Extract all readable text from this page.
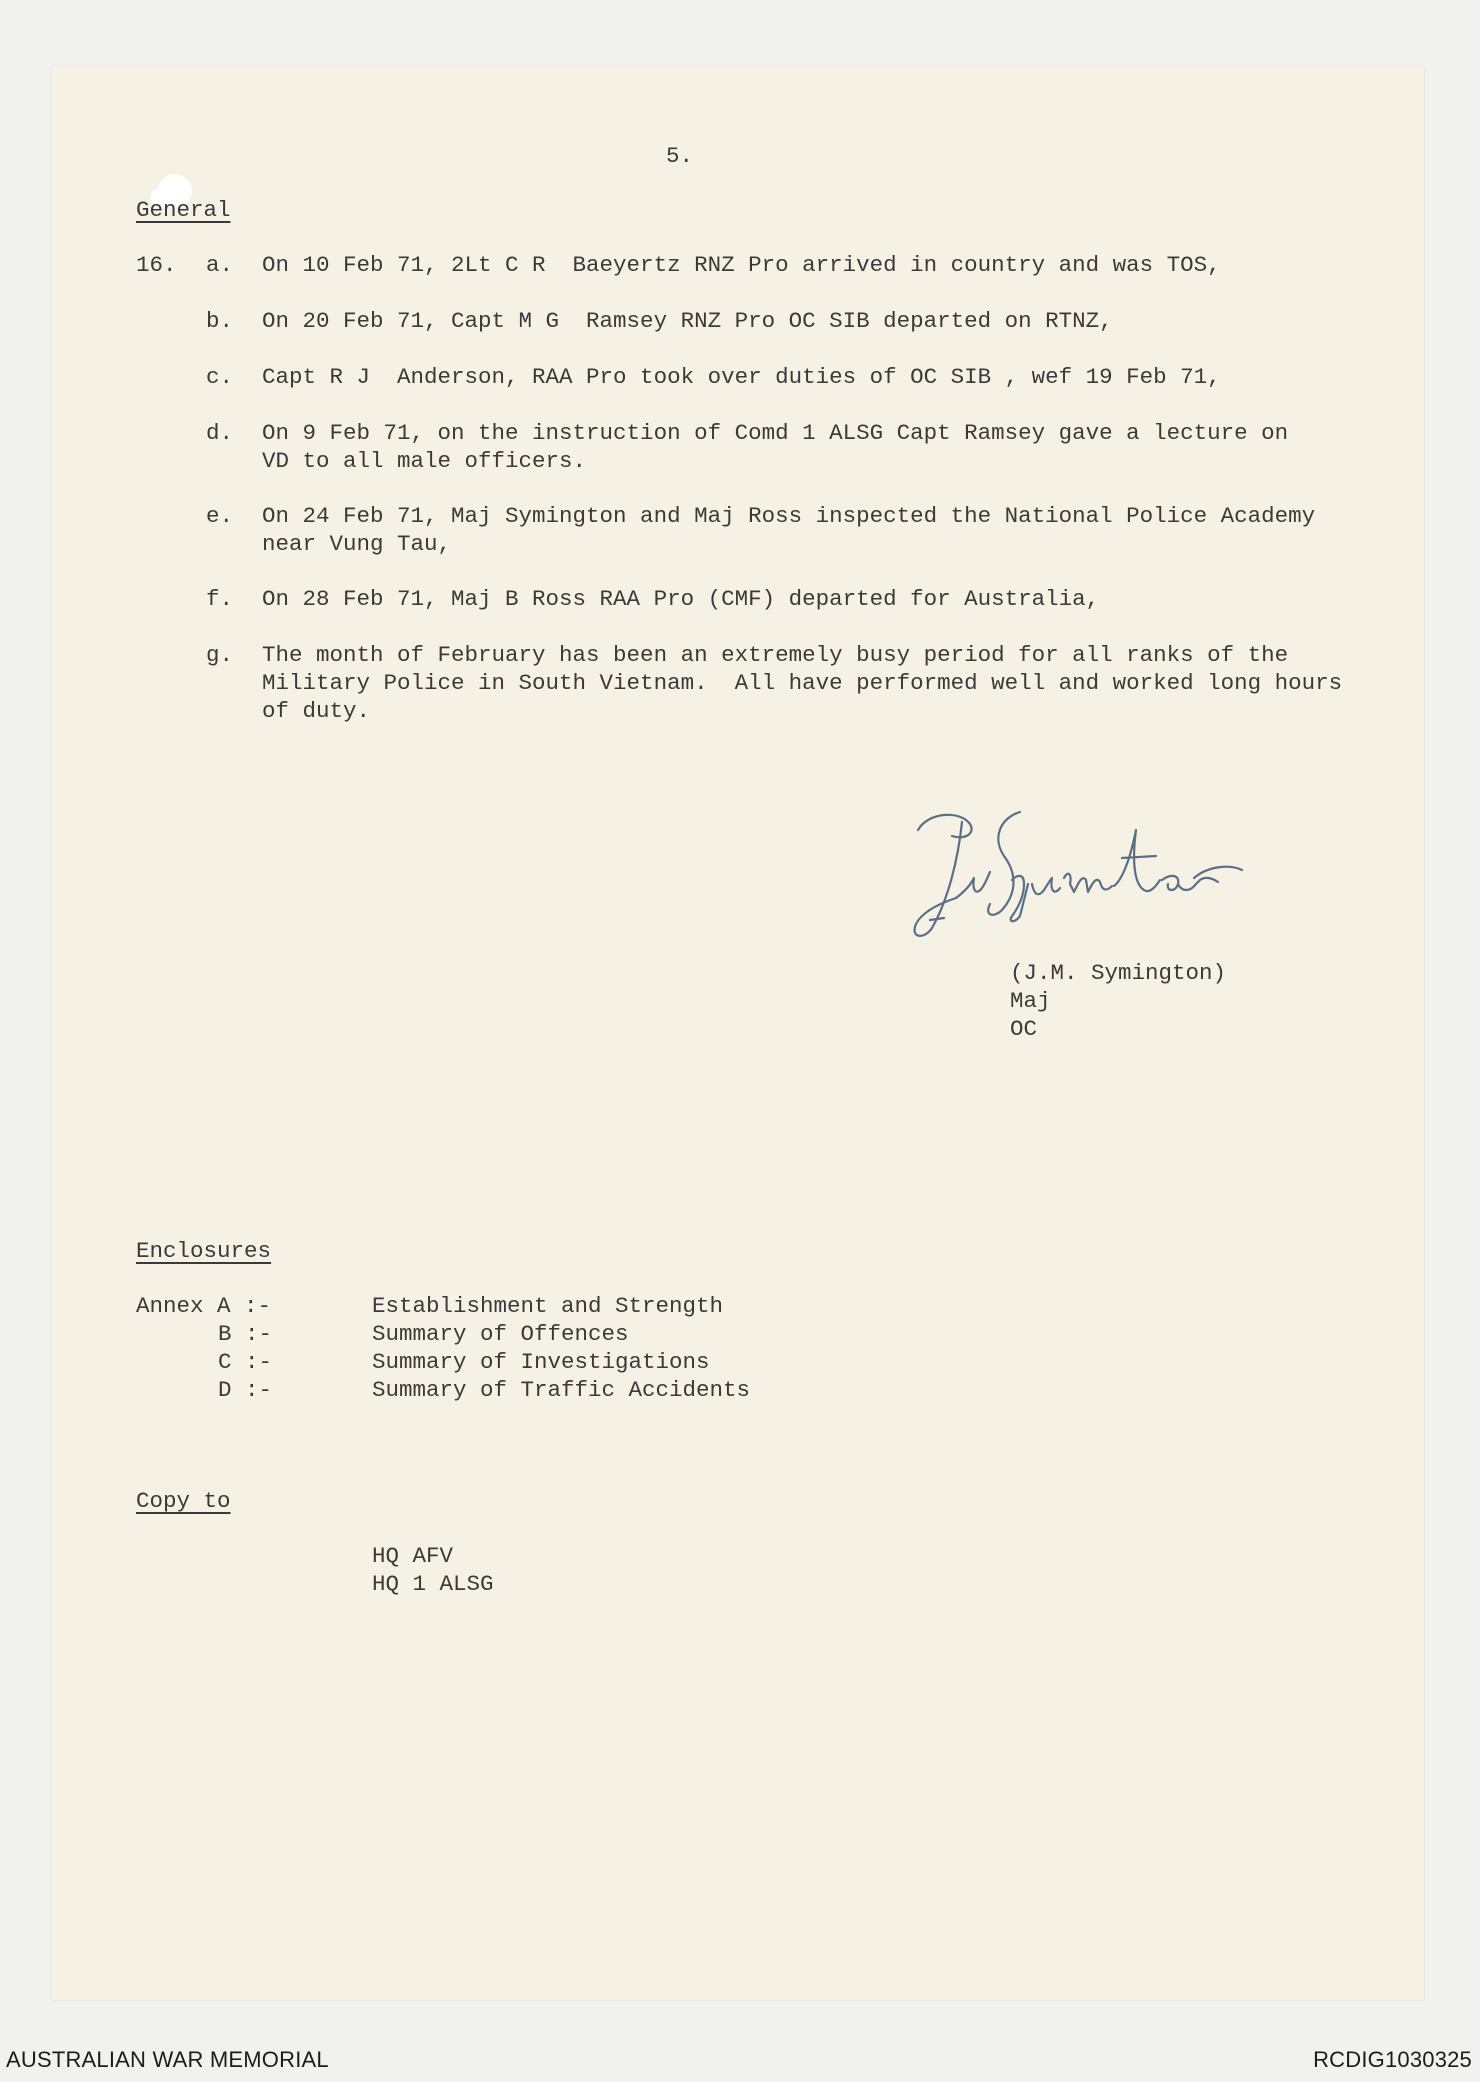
5.
General
16. a. On 10 Feb 71, 2Lt C R  Baeyertz RNZ Pro arrived in country and was TOS,
b. On 20 Feb 71, Capt M G  Ramsey RNZ Pro OC SIB departed on RTNZ,
c. Capt R J  Anderson, RAA Pro took over duties of OC SIB , wef 19 Feb 71,
d. On 9 Feb 71, on the instruction of Comd 1 ALSG Capt Ramsey gave a lecture on
VD to all male officers.
e. On 24 Feb 71, Maj Symington and Maj Ross inspected the National Police Academy
near Vung Tau,
f. On 28 Feb 71, Maj B Ross RAA Pro (CMF) departed for Australia,
g. The month of February has been an extremely busy period for all ranks of the
Military Police in South Vietnam.  All have performed well and worked long hours
of duty.
(J.M. Symington)
Maj
OC
Enclosures
Annex A :-	Establishment and Strength
B :-	Summary of Offences
C :-	Summary of Investigations
D :-	Summary of Traffic Accidents
Copy to
HQ AFV
HQ 1 ALSG
AUSTRALIAN WAR MEMORIAL	RCDIG1030325
